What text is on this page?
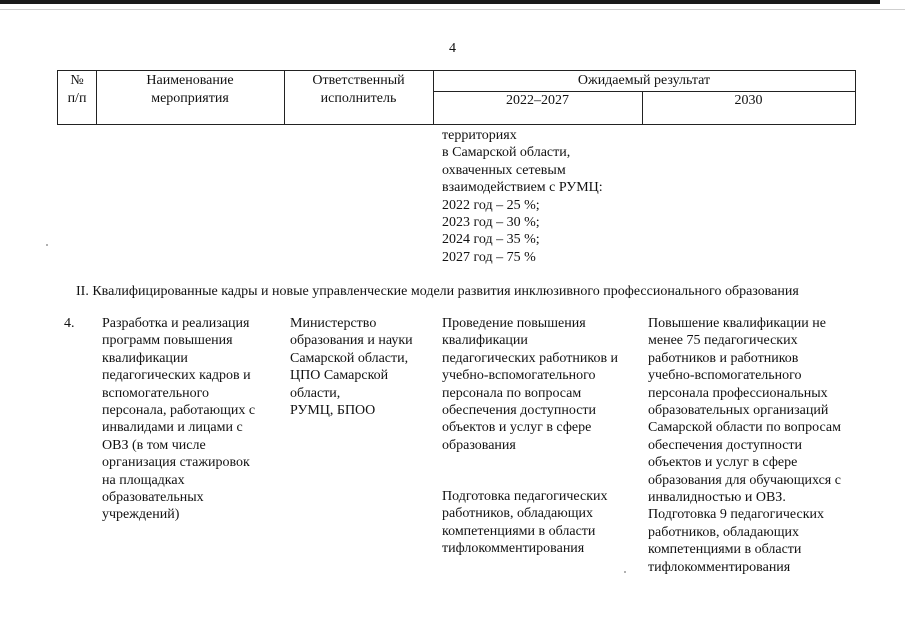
4
№
п/п
Наименование
мероприятия
Ответственный
исполнитель
Ожидаемый результат
2022–2027	2030
территориях
в Самарской области,
охваченных сетевым
взаимодействием с РУМЦ:
2022 год – 25 %;
2023 год – 30 %;
2024 год – 35 %;
2027 год – 75 %
II. Квалифицированные кадры и новые управленческие модели развития инклюзивного профессионального образования
4.	Разработка и реализация
программ повышения
квалификации
педагогических кадров и
вспомогательного
персонала, работающих с
инвалидами и лицами с
ОВЗ (в том числе
организация стажировок
на площадках
образовательных
учреждений)
Министерство
образования и науки
Самарской области,
ЦПО Самарской
области,
РУМЦ, БПОО
Проведение повышения
квалификации
педагогических работников и
учебно-вспомогательного
персонала по вопросам
обеспечения доступности
объектов и услуг в сфере
образования
Подготовка педагогических
работников, обладающих
компетенциями в области
тифлокомментирования
Повышение квалификации не
менее 75 педагогических
работников и работников
учебно-вспомогательного
персонала профессиональных
образовательных организаций
Самарской области по вопросам
обеспечения доступности
объектов и услуг в сфере
образования для обучающихся с
инвалидностью и ОВЗ.
Подготовка 9 педагогических
работников, обладающих
компетенциями в области
тифлокомментирования
